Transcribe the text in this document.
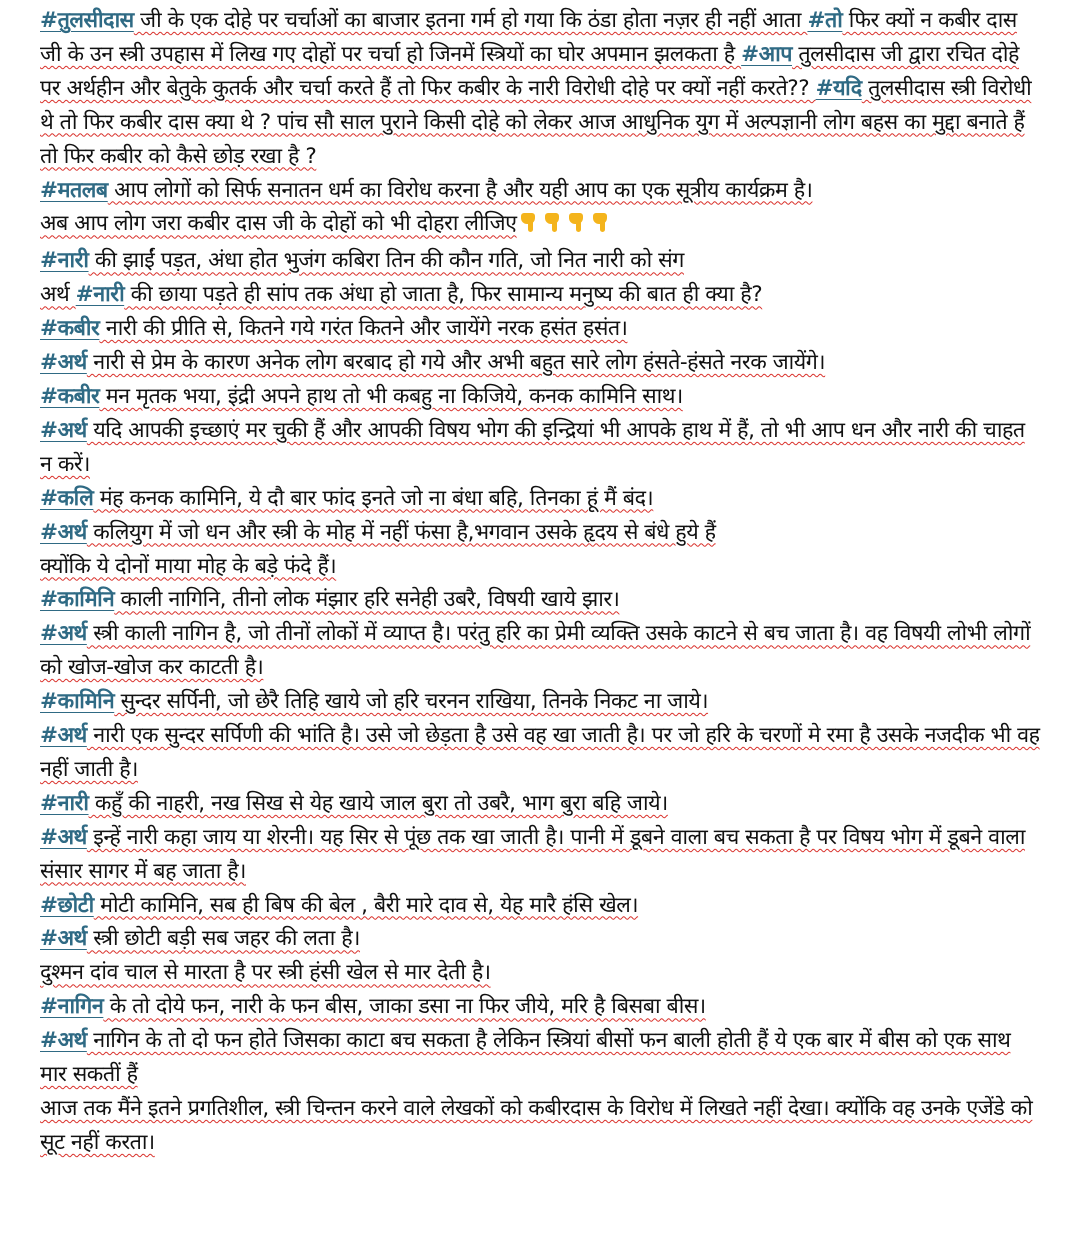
#तुलसीदास जी के एक दोहे पर चर्चाओं का बाजार इतना गर्म हो गया कि ठंडा होता नज़र ही नहीं आता #तो फिर क्यों न कबीर दास जी के उन स्त्री उपहास में लिख गए दोहों पर चर्चा हो जिनमें स्त्रियों का घोर अपमान झलकता है #आप तुलसीदास जी द्वारा रचित दोहे पर अर्थहीन और बेतुके कुतर्क और चर्चा करते हैं तो फिर कबीर के नारी विरोधी दोहे पर क्यों नहीं करते?? #यदि तुलसीदास स्त्री विरोधी थे तो फिर कबीर दास क्या थे ? पांच सौ साल पुराने किसी दोहे को लेकर आज आधुनिक युग में अल्पज्ञानी लोग बहस का मुद्दा बनाते हैं तो फिर कबीर को कैसे छोड़ रखा है ?

#मतलब आप लोगों को सिर्फ सनातन धर्म का विरोध करना है और यही आप का एक सूत्रीय कार्यक्रम है।

अब आप लोग जरा कबीर दास जी के दोहों को भी दोहरा लीजिए

#नारी की झाईं पड़त, अंधा होत भुजंग कबिरा तिन की कौन गति, जो नित नारी को संग

अर्थ #नारी की छाया पड़ते ही सांप तक अंधा हो जाता है, फिर सामान्य मनुष्य की बात ही क्या है?

#कबीर नारी की प्रीति से, कितने गये गरंत कितने और जायेंगे नरक हसंत हसंत।

#अर्थ नारी से प्रेम के कारण अनेक लोग बरबाद हो गये और अभी बहुत सारे लोग हंसते-हंसते नरक जायेंगे।

#कबीर मन मृतक भया, इंद्री अपने हाथ तो भी कबहु ना किजिये, कनक कामिनि साथ।

#अर्थ यदि आपकी इच्छाएं मर चुकी हैं और आपकी विषय भोग की इन्द्रियां भी आपके हाथ में हैं, तो भी आप धन और नारी की चाहत न करें।

#कलि मंह कनक कामिनि, ये दौ बार फांद इनते जो ना बंधा बहि, तिनका हूं मैं बंद।

#अर्थ कलियुग में जो धन और स्त्री के मोह में नहीं फंसा है,भगवान उसके हृदय से बंधे हुये हैं

क्योंकि ये दोनों माया मोह के बड़े फंदे हैं।

#कामिनि काली नागिनि, तीनो लोक मंझार हरि सनेही उबरै, विषयी खाये झार।

#अर्थ स्त्री काली नागिन है, जो तीनों लोकों में व्याप्त है। परंतु हरि का प्रेमी व्यक्ति उसके काटने से बच जाता है। वह विषयी लोभी लोगों को खोज-खोज कर काटती है।

#कामिनि सुन्दर सर्पिनी, जो छेरै तिहि खाये जो हरि चरनन राखिया, तिनके निकट ना जाये।

#अर्थ नारी एक सुन्दर सर्पिणी की भांति है। उसे जो छेड़ता है उसे वह खा जाती है। पर जो हरि के चरणों मे रमा है उसके नजदीक भी वह नहीं जाती है।

#नारी कहुँ की नाहरी, नख सिख से येह खाये जाल बुरा तो उबरै, भाग बुरा बहि जाये।

#अर्थ इन्हें नारी कहा जाय या शेरनी। यह सिर से पूंछ तक खा जाती है। पानी में डूबने वाला बच सकता है पर विषय भोग में डूबने वाला संसार सागर में बह जाता है।

#छोटी मोटी कामिनि, सब ही बिष की बेल , बैरी मारे दाव से, येह मारै हंसि खेल।

#अर्थ स्त्री छोटी बड़ी सब जहर की लता है।

दुश्मन दांव चाल से मारता है पर स्त्री हंसी खेल से मार देती है।

#नागिन के तो दोये फन, नारी के फन बीस, जाका डसा ना फिर जीये, मरि है बिसबा बीस।

#अर्थ नागिन के तो दो फन होते जिसका काटा बच सकता है लेकिन स्त्रियां बीसों फन बाली होती हैं ये एक बार में बीस को एक साथ मार सकतीं हैं

आज तक मैंने इतने प्रगतिशील, स्त्री चिन्तन करने वाले लेखकों को कबीरदास के विरोध में लिखते नहीं देखा। क्योंकि वह उनके एजेंडे को सूट नहीं करता।
